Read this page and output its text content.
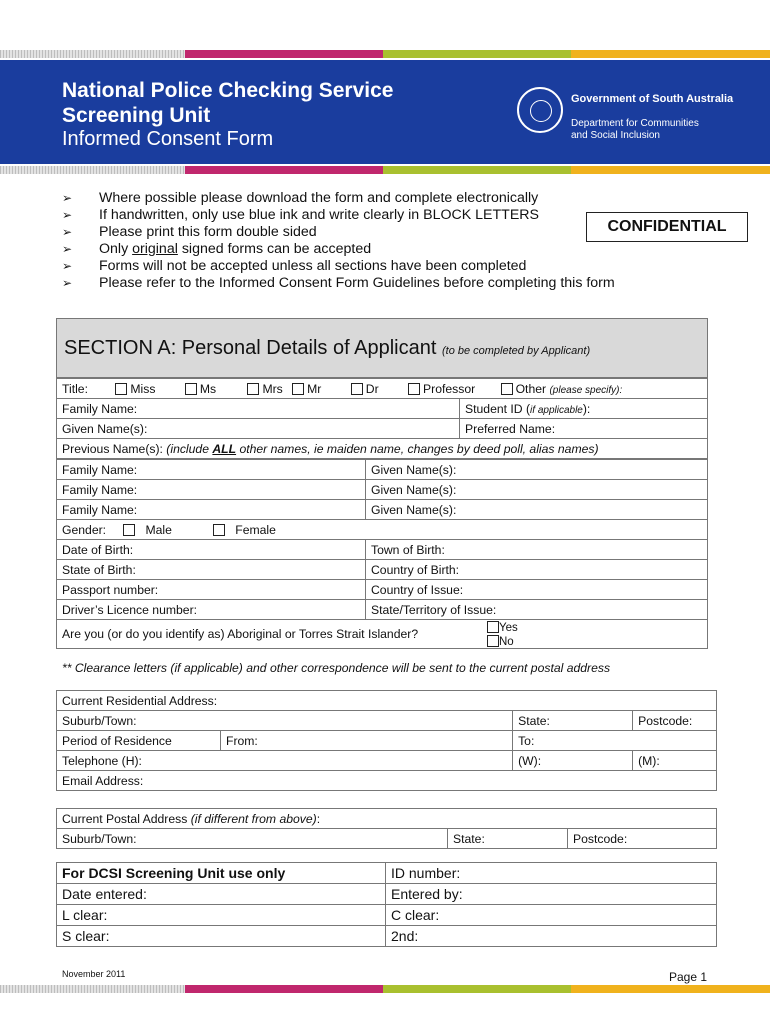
National Police Checking Service
Screening Unit
Informed Consent Form
Government of South Australia

Department for Communities
and Social Inclusion
➢ Where possible please download the form and complete electronically
➢ If handwritten, only use blue ink and write clearly in BLOCK LETTERS
➢ Please print this form double sided
➢ Only original signed forms can be accepted
➢ Forms will not be accepted unless all sections have been completed
➢ Please refer to the Informed Consent Form Guidelines before completing this form
CONFIDENTIAL
SECTION A: Personal Details of Applicant (to be completed by Applicant)
Title: Miss Ms Mrs Mr Dr Professor Other (please specify):	
Family Name:	Student ID (if applicable):
Given Name(s):	Preferred Name:
Previous Name(s): (include ALL other names, ie maiden name, changes by deed poll, alias names)	
Family Name:	Given Name(s):
Family Name:	Given Name(s):
Family Name:	Given Name(s):
Gender: Male Female	
Date of Birth:	Town of Birth:
State of Birth:	Country of Birth:
Passport number:	Country of Issue:
Driver’s Licence number:	State/Territory of Issue:
Are you (or do you identify as) Aboriginal or Torres Strait Islander? Yes
No	
** Clearance letters (if applicable) and other correspondence will be sent to the current postal address
Current Residential Address:			
Suburb/Town:		State:	Postcode:
Period of Residence	From:	To:	
Telephone (H):		(W):	(M):
Email Address:			
Current Postal Address (if different from above):
Suburb/Town:	State:	Postcode:
For DCSI Screening Unit use only	ID number:
Date entered:	Entered by:
L clear:	C clear:
S clear:	2nd:
November 2011	Page 1
